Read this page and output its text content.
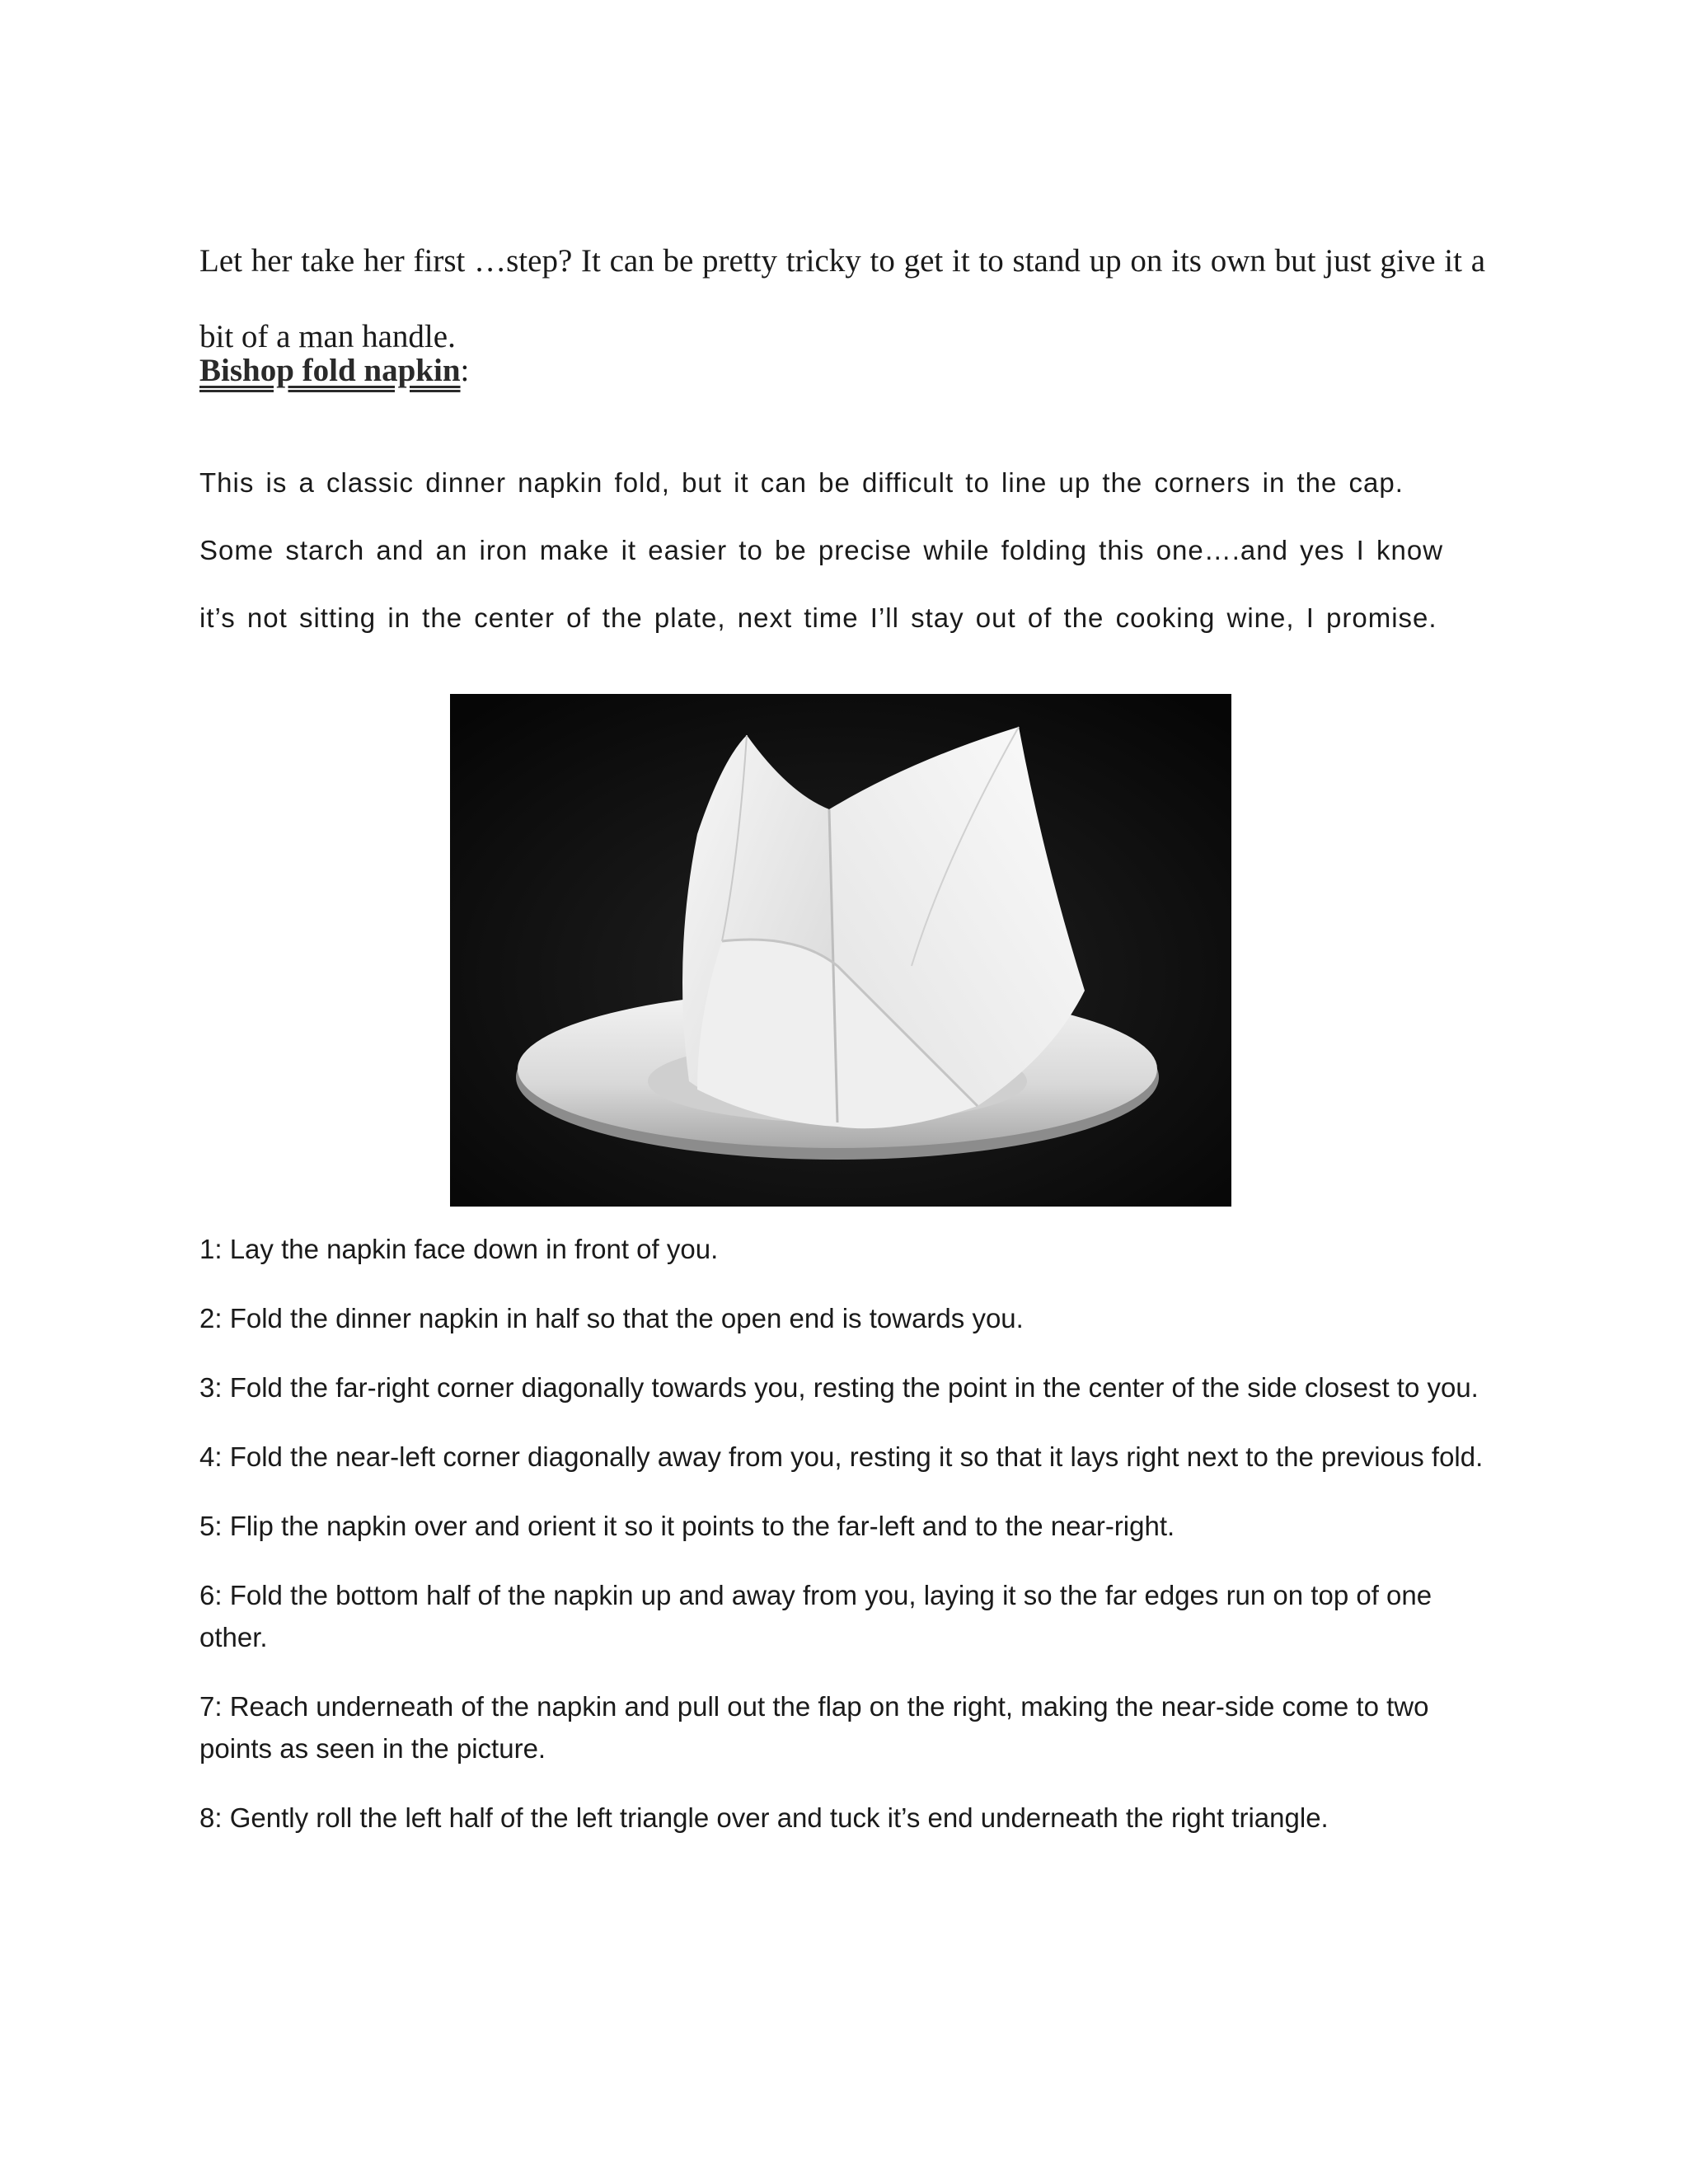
Let her take her first …step? It can be pretty tricky to get it to stand up on its own but just give it a bit of a man handle.

Bishop fold napkin:

This is a classic dinner napkin fold, but it can be difficult to line up the corners in the cap. Some starch and an iron make it easier to be precise while folding this one….and yes I know it’s not sitting in the center of the plate, next time I’ll stay out of the cooking wine, I promise.

1: Lay the napkin face down in front of you.
2: Fold the dinner napkin in half so that the open end is towards you.
3: Fold the far-right corner diagonally towards you, resting the point in the center of the side closest to you.
4: Fold the near-left corner diagonally away from you, resting it so that it lays right next to the previous fold.
5: Flip the napkin over and orient it so it points to the far-left and to the near-right.
6: Fold the bottom half of the napkin up and away from you, laying it so the far edges run on top of one other.
7: Reach underneath of the napkin and pull out the flap on the right, making the near-side come to two points as seen in the picture.
8: Gently roll the left half of the left triangle over and tuck it’s end underneath the right triangle.
